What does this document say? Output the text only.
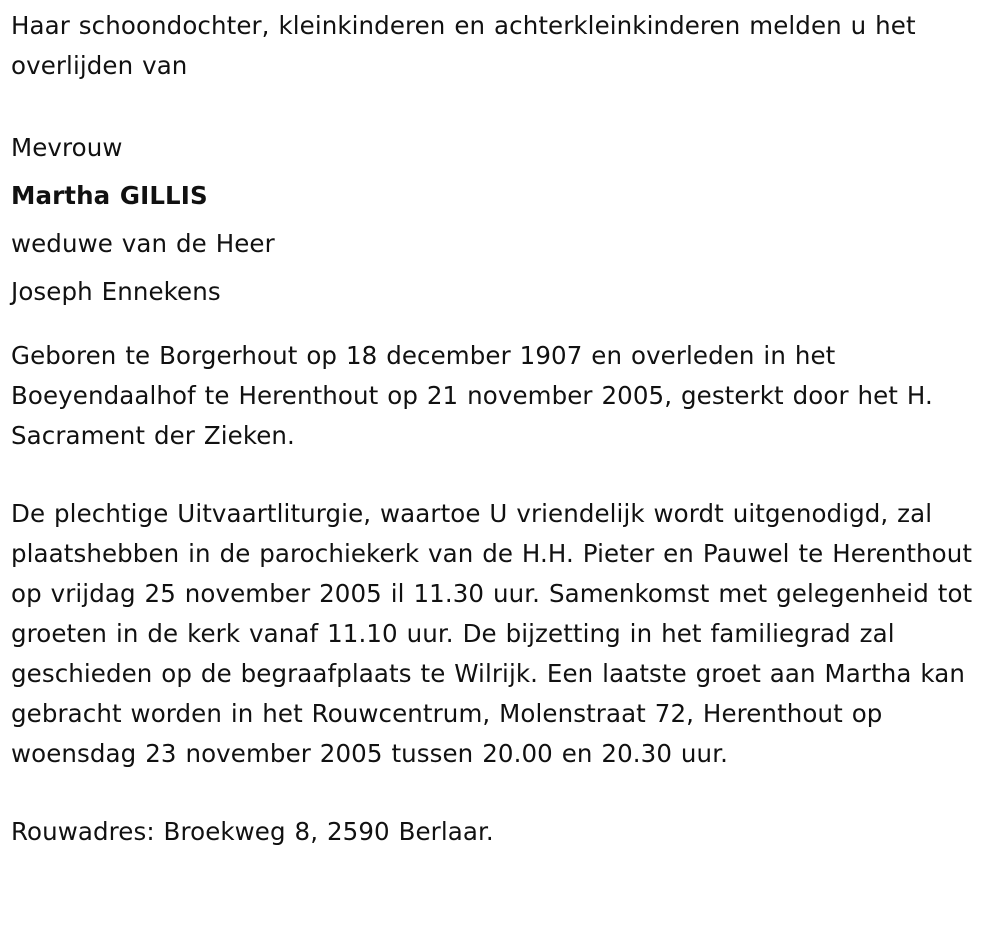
Haar schoondochter, kleinkinderen en achterkleinkinderen melden u het overlijden van

Mevrouw
Martha GILLIS
weduwe van de Heer
Joseph Ennekens

Geboren te Borgerhout op 18 december 1907 en overleden in het Boeyendaalhof te Herenthout op 21 november 2005, gesterkt door het H. Sacrament der Zieken.

De plechtige Uitvaartliturgie, waartoe U vriendelijk wordt uitgenodigd, zal plaatshebben in de parochiekerk van de H.H. Pieter en Pauwel te Herenthout op vrijdag 25 november 2005 il 11.30 uur. Samenkomst met gelegenheid tot groeten in de kerk vanaf 11.10 uur. De bijzetting in het familiegrad zal geschieden op de begraafplaats te Wilrijk. Een laatste groet aan Martha kan gebracht worden in het Rouwcentrum, Molenstraat 72, Herenthout op woensdag 23 november 2005 tussen 20.00 en 20.30 uur.

Rouwadres: Broekweg 8, 2590 Berlaar.
